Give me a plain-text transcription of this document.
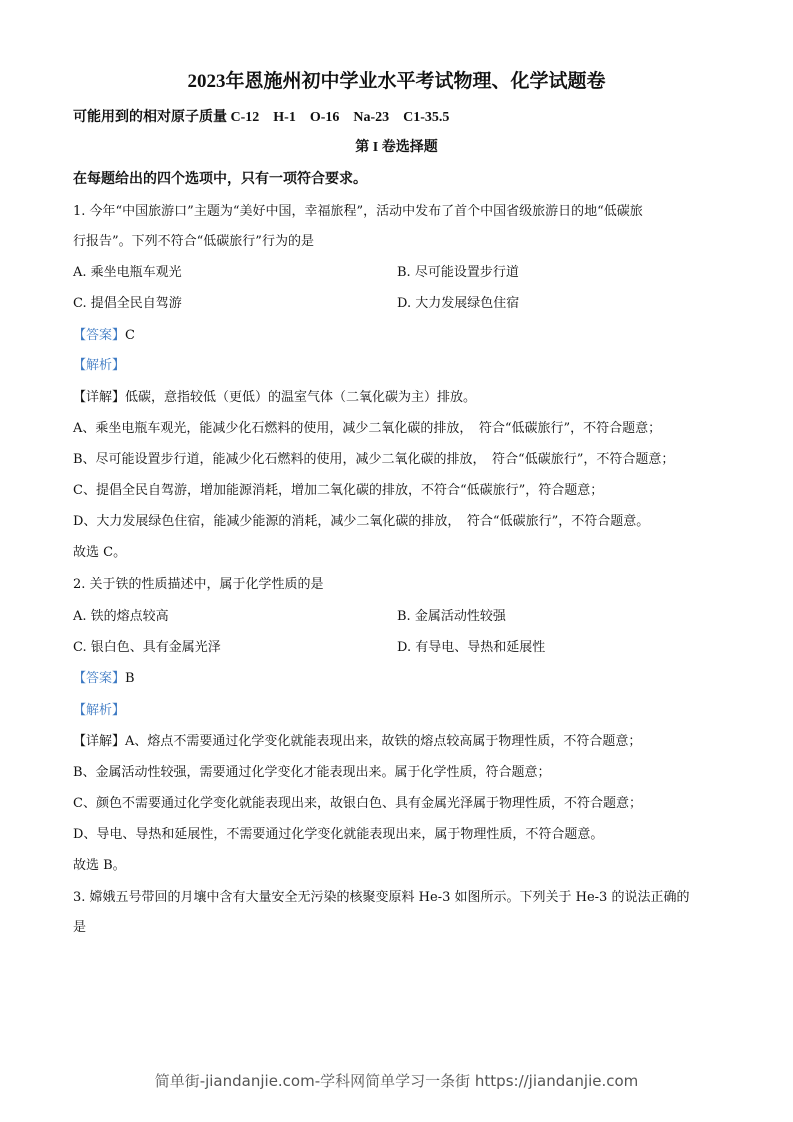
2023年恩施州初中学业水平考试物理、化学试题卷
可能用到的相对原子质量 C-12　H-1　O-16　Na-23　C1-35.5
第 I 卷选择题
在每题给出的四个选项中，只有一项符合要求。
1. 今年“中国旅游口”主题为“美好中国，幸福旅程”，活动中发布了首个中国省级旅游日的地“低碳旅
行报告”。下列不符合“低碳旅行”行为的是
A. 乘坐电瓶车观光	B. 尽可能设置步行道
C. 提倡全民自驾游	D. 大力发展绿色住宿
【答案】C
【解析】
【详解】低碳，意指较低（更低）的温室气体（二氧化碳为主）排放。
A、乘坐电瓶车观光，能减少化石燃料的使用，减少二氧化碳的排放，　符合“低碳旅行”，不符合题意；
B、尽可能设置步行道，能减少化石燃料的使用，减少二氧化碳的排放，　符合“低碳旅行”，不符合题意；
C、提倡全民自驾游，增加能源消耗，增加二氧化碳的排放，不符合“低碳旅行”，符合题意；
D、大力发展绿色住宿，能减少能源的消耗，减少二氧化碳的排放，　符合“低碳旅行”，不符合题意。
故选 C。
2. 关于铁的性质描述中，属于化学性质的是
A. 铁的熔点较高	B. 金属活动性较强
C. 银白色、具有金属光泽	D. 有导电、导热和延展性
【答案】B
【解析】
【详解】A、熔点不需要通过化学变化就能表现出来，故铁的熔点较高属于物理性质，不符合题意；
B、金属活动性较强，需要通过化学变化才能表现出来。属于化学性质，符合题意；
C、颜色不需要通过化学变化就能表现出来，故银白色、具有金属光泽属于物理性质，不符合题意；
D、导电、导热和延展性，不需要通过化学变化就能表现出来，属于物理性质，不符合题意。
故选 B。
3. 嫦娥五号带回的月壤中含有大量安全无污染的核聚变原料 He-3 如图所示。下列关于 He-3 的说法正确的
是
简单街-jiandanjie.com-学科网简单学习一条街 https://jiandanjie.com
